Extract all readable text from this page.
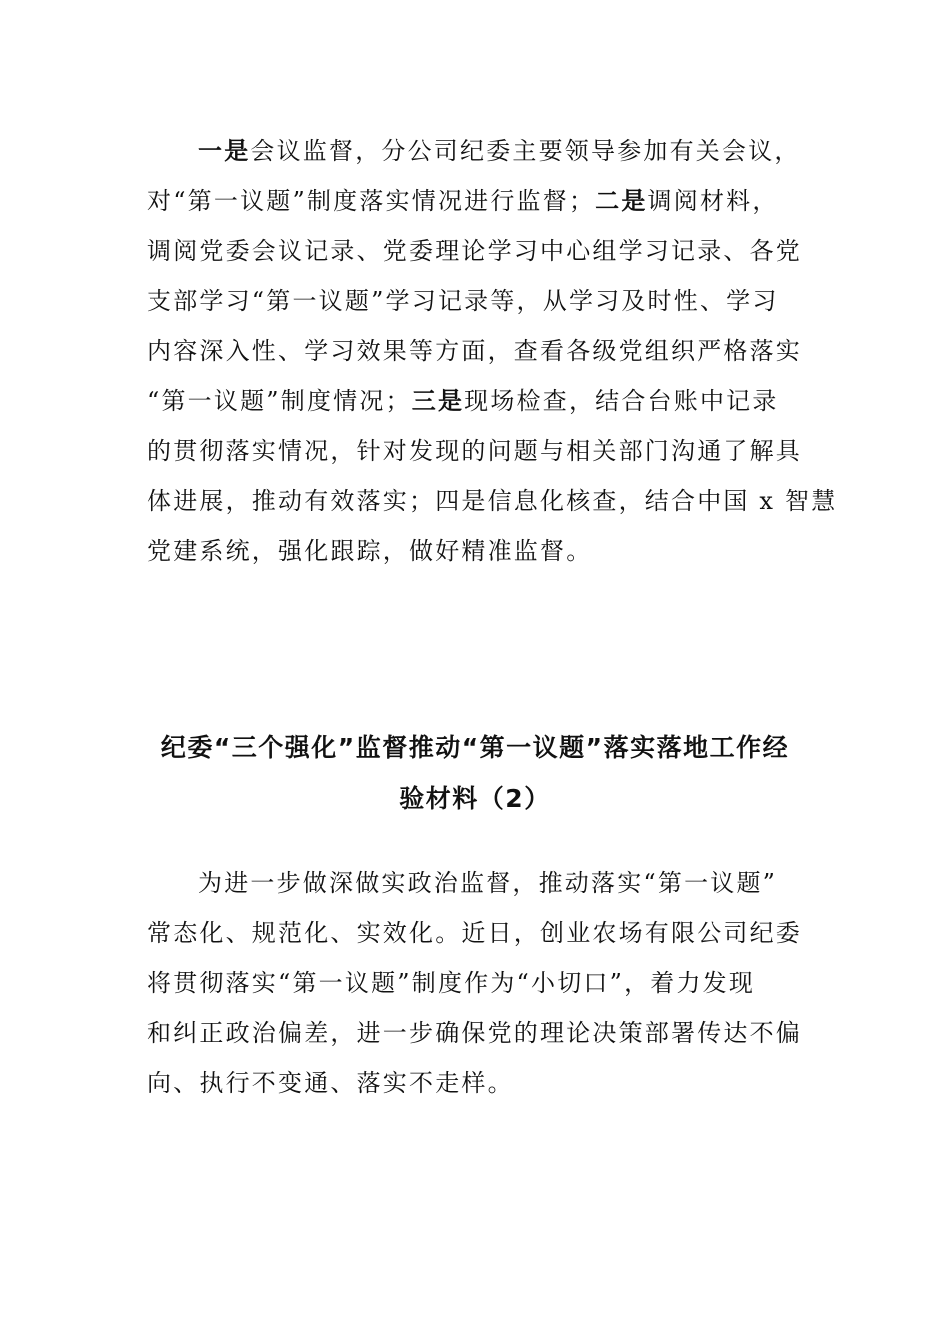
一是会议监督，分公司纪委主要领导参加有关会议，
对“第一议题”制度落实情况进行监督；二是调阅材料，
调阅党委会议记录、党委理论学习中心组学习记录、各党
支部学习“第一议题”学习记录等，从学习及时性、学习
内容深入性、学习效果等方面，查看各级党组织严格落实
“第一议题”制度情况；三是现场检查，结合台账中记录
的贯彻落实情况，针对发现的问题与相关部门沟通了解具
体进展，推动有效落实；四是信息化核查，结合中国 x 智慧
党建系统，强化跟踪，做好精准监督。
纪委“三个强化”监督推动“第一议题”落实落地工作经
验材料（2）
为进一步做深做实政治监督，推动落实“第一议题”
常态化、规范化、实效化。近日，创业农场有限公司纪委
将贯彻落实“第一议题”制度作为“小切口”，着力发现
和纠正政治偏差，进一步确保党的理论决策部署传达不偏
向、执行不变通、落实不走样。
